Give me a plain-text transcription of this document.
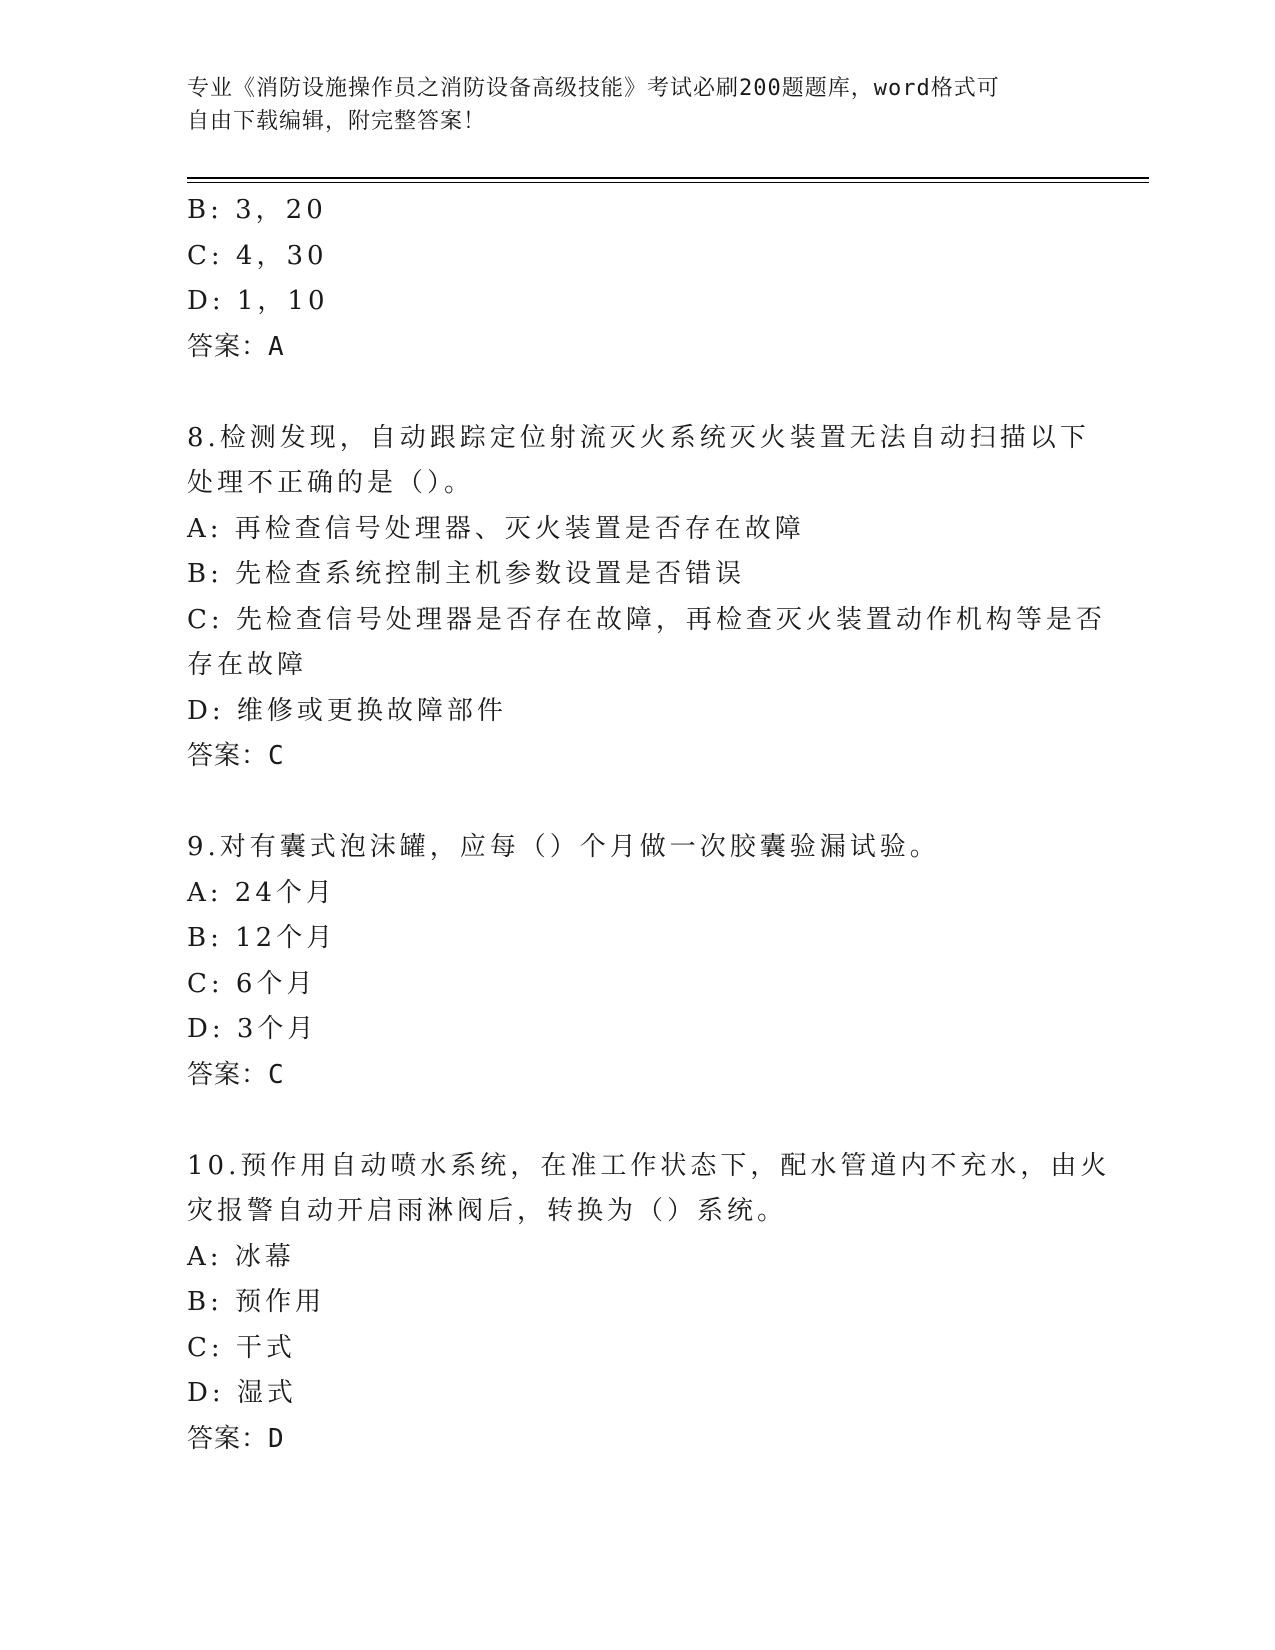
专业《消防设施操作员之消防设备高级技能》考试必刷200题题库，word格式可
自由下载编辑，附完整答案！
B: 3，20
C: 4，30
D: 1，10
答案：A
8.检测发现，自动跟踪定位射流灭火系统灭火装置无法自动扫描以下
处理不正确的是（）。
A: 再检查信号处理器、灭火装置是否存在故障
B: 先检查系统控制主机参数设置是否错误
C: 先检查信号处理器是否存在故障，再检查灭火装置动作机构等是否
存在故障
D: 维修或更换故障部件
答案：C
9.对有囊式泡沫罐，应每（）个月做一次胶囊验漏试验。
A: 24个月
B: 12个月
C: 6个月
D: 3个月
答案：C
10.预作用自动喷水系统，在准工作状态下，配水管道内不充水，由火
灾报警自动开启雨淋阀后，转换为（）系统。
A: 冰幕
B: 预作用
C: 干式
D: 湿式
答案：D
